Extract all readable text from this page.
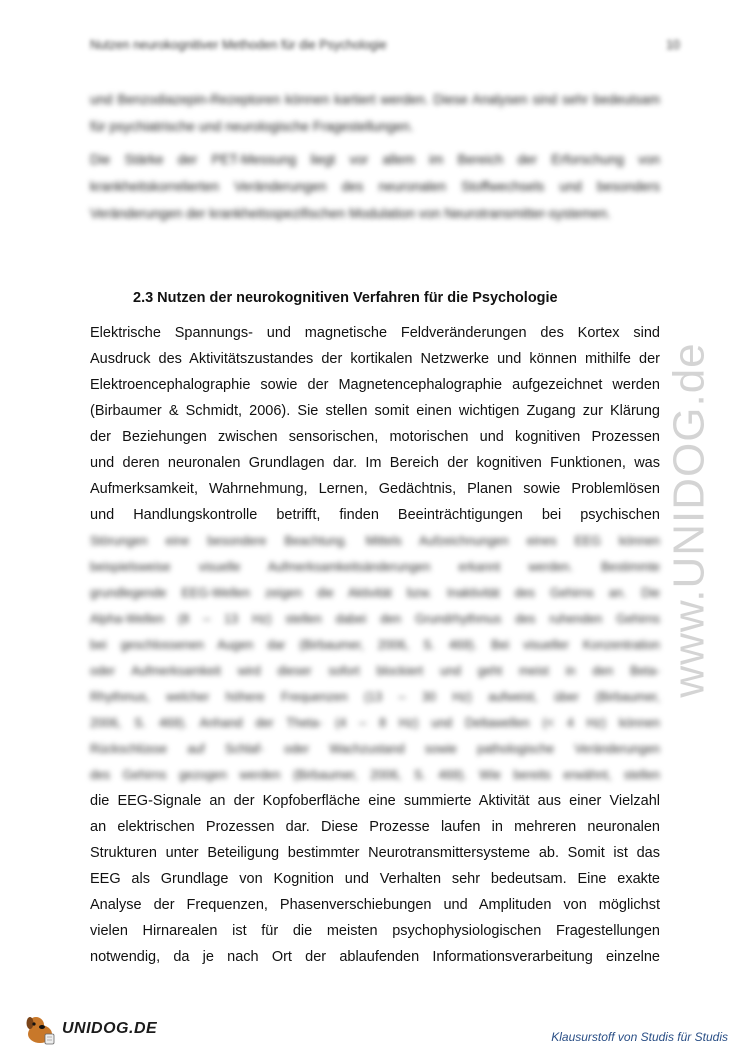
Nutzen neurokognitiver Methoden für die Psychologie	10

und Benzodiazepin-Rezeptoren können kartiert werden. Diese Analysen sind sehr bedeutsam für psychiatrische und neurologische Fragestellungen.

Die Stärke der PET-Messung liegt vor allem im Bereich der Erforschung von krankheitskorrelierten Veränderungen des neuronalen Stoffwechsels und besonders Veränderungen der krankheitsspezifischen Modulation von Neurotransmitter-systemen.

2.3 Nutzen der neurokognitiven Verfahren für die Psychologie
Elektrische Spannungs- und magnetische Feldveränderungen des Kortex sind
Ausdruck des Aktivitätszustandes der kortikalen Netzwerke und können mithilfe der
Elektroencephalographie sowie der Magnetencephalographie aufgezeichnet werden
(Birbaumer & Schmidt, 2006). Sie stellen somit einen wichtigen Zugang zur Klärung
der Beziehungen zwischen sensorischen, motorischen und kognitiven Prozessen
und deren neuronalen Grundlagen dar. Im Bereich der kognitiven Funktionen, was
Aufmerksamkeit, Wahrnehmung, Lernen, Gedächtnis, Planen sowie Problemlösen
und Handlungskontrolle betrifft, finden Beeinträchtigungen bei psychischen
Störungen eine besondere Beachtung. Mittels Aufzeichnungen eines EEG können
beispielsweise visuelle Aufmerksamkeitsänderungen erkannt werden. Bestimmte
grundlegende EEG-Wellen zeigen die Aktivität bzw. Inaktivität des Gehirns an. Die
Alpha-Wellen (8 – 13 Hz) stellen dabei den Grundrhythmus des ruhenden Gehirns
bei geschlossenen Augen dar (Birbaumer, 2006, S. 469). Bei visueller Konzentration
oder Aufmerksamkeit wird dieser sofort blockiert und geht meist in den Beta-
Rhythmus, welcher höhere Frequenzen (13 – 30 Hz) aufweist, über (Birbaumer,
2006, S. 469). Anhand der Theta- (4 – 8 Hz) und Deltawellen (< 4 Hz) können
Rückschlüsse auf Schlaf- oder Wachzustand sowie pathologische Veränderungen
des Gehirns gezogen werden (Birbaumer, 2006, S. 469). Wie bereits erwähnt, stellen
die EEG-Signale an der Kopfoberfläche eine summierte Aktivität aus einer Vielzahl
an elektrischen Prozessen dar. Diese Prozesse laufen in mehreren neuronalen
Strukturen unter Beteiligung bestimmter Neurotransmittersysteme ab. Somit ist das
EEG als Grundlage von Kognition und Verhalten sehr bedeutsam. Eine exakte
Analyse der Frequenzen, Phasenverschiebungen und Amplituden von möglichst
vielen Hirnarealen ist für die meisten psychophysiologischen Fragestellungen
notwendig, da je nach Ort der ablaufenden Informationsverarbeitung einzelne
www.UNIDOG.de
UNIDOG.DE	Klausurstoff von Studis für Studis
